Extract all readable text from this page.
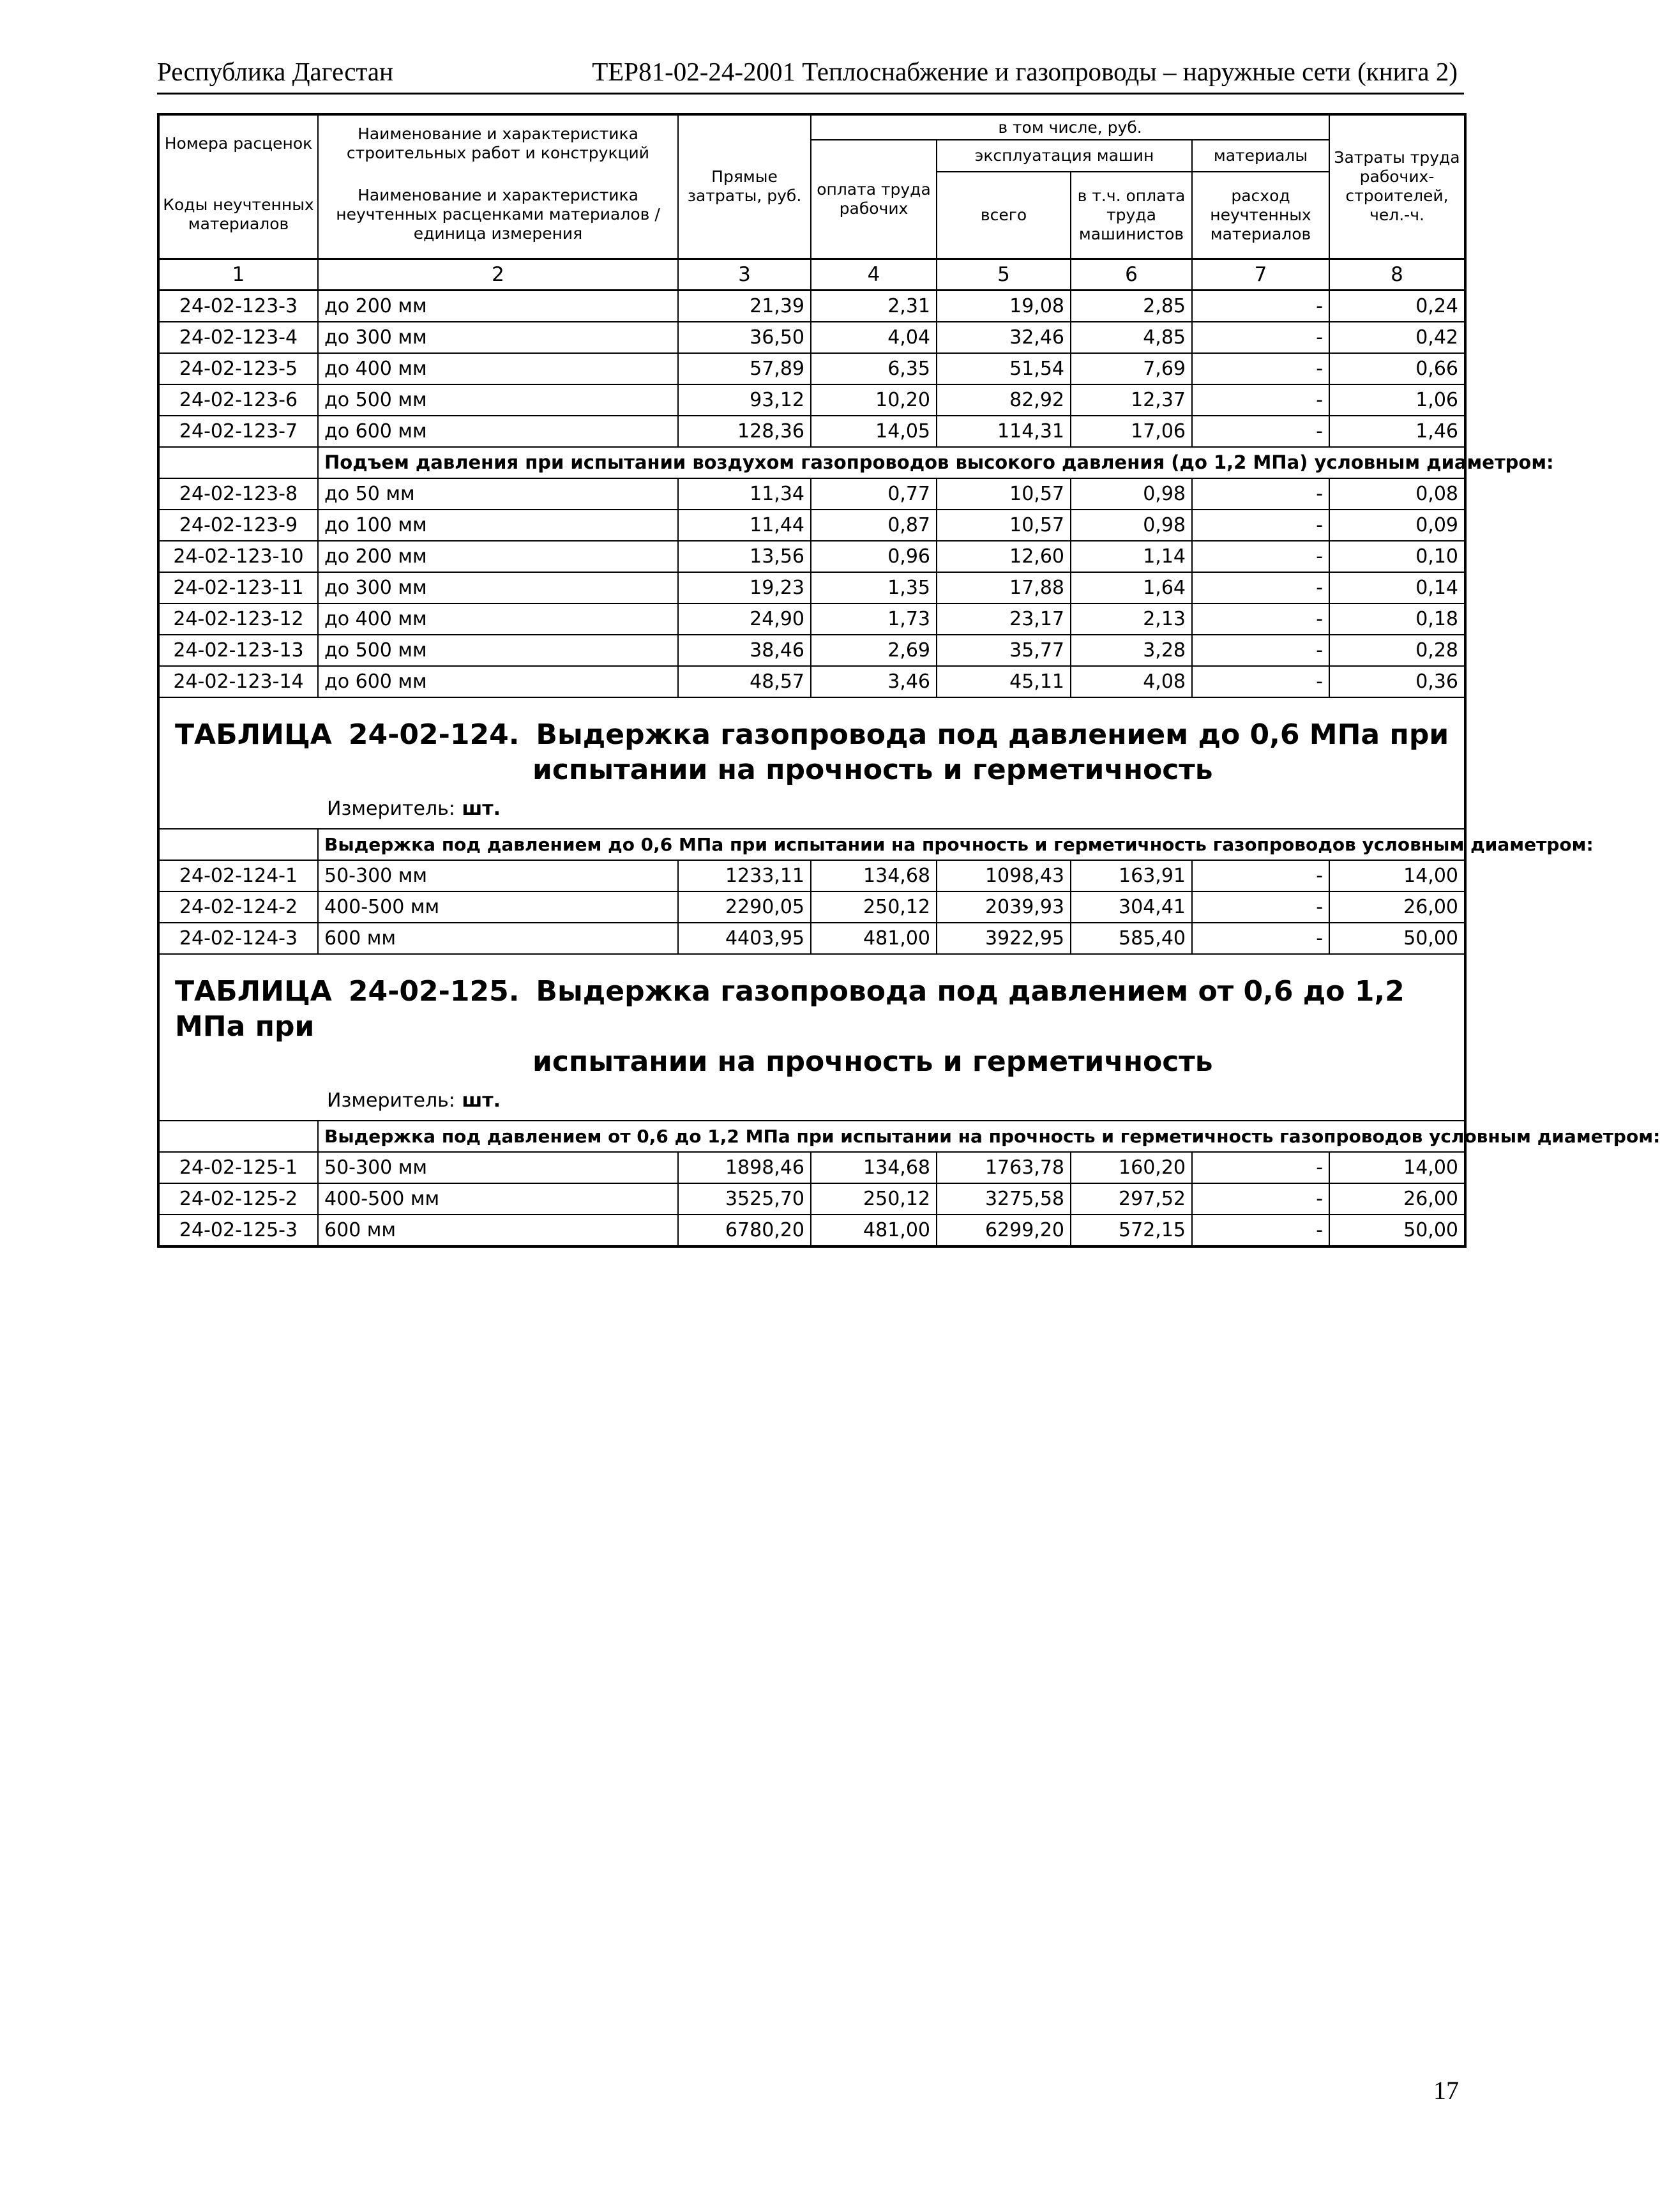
Республика Дагестан	ТЕР81-02-24-2001 Теплоснабжение и газопроводы – наружные сети (книга 2)
Номера расценок	Наименование и характеристика строительных работ и конструкций	Прямые затраты, руб.	в том числе, руб.				Затраты труда рабочих-строителей, чел.-ч.
			оплата труда рабочих	эксплуатация машин		материалы	
Коды неучтенных материалов	Наименование и характеристика неучтенных расценками материалов / единица измерения			всего	в т.ч. оплата труда машинистов	расход неучтенных материалов	

1	2	3	4	5	6	7	8
24-02-123-3	до 200 мм	21,39	2,31	19,08	2,85	-	0,24
24-02-123-4	до 300 мм	36,50	4,04	32,46	4,85	-	0,42
24-02-123-5	до 400 мм	57,89	6,35	51,54	7,69	-	0,66
24-02-123-6	до 500 мм	93,12	10,20	82,92	12,37	-	1,06
24-02-123-7	до 600 мм	128,36	14,05	114,31	17,06	-	1,46
	Подъем давления при испытании воздухом газопроводов высокого давления (до 1,2 МПа) условным диаметром:						
24-02-123-8	до 50 мм	11,34	0,77	10,57	0,98	-	0,08
24-02-123-9	до 100 мм	11,44	0,87	10,57	0,98	-	0,09
24-02-123-10	до 200 мм	13,56	0,96	12,60	1,14	-	0,10
24-02-123-11	до 300 мм	19,23	1,35	17,88	1,64	-	0,14
24-02-123-12	до 400 мм	24,90	1,73	23,17	2,13	-	0,18
24-02-123-13	до 500 мм	38,46	2,69	35,77	3,28	-	0,28
24-02-123-14	до 600 мм	48,57	3,46	45,11	4,08	-	0,36

ТАБЛИЦА 24-02-124. Выдержка газопровода под давлением до 0,6 МПа при
испытании на прочность и герметичность
Измеритель: шт.							

	Выдержка под давлением до 0,6 МПа при испытании на прочность и герметичность газопроводов условным диаметром:						
24-02-124-1	50-300 мм	1233,11	134,68	1098,43	163,91	-	14,00
24-02-124-2	400-500 мм	2290,05	250,12	2039,93	304,41	-	26,00
24-02-124-3	600 мм	4403,95	481,00	3922,95	585,40	-	50,00

ТАБЛИЦА 24-02-125. Выдержка газопровода под давлением от 0,6 до 1,2 МПа при
испытании на прочность и герметичность
Измеритель: шт.							

	Выдержка под давлением от 0,6 до 1,2 МПа при испытании на прочность и герметичность газопроводов условным диаметром:						
24-02-125-1	50-300 мм	1898,46	134,68	1763,78	160,20	-	14,00
24-02-125-2	400-500 мм	3525,70	250,12	3275,58	297,52	-	26,00
24-02-125-3	600 мм	6780,20	481,00	6299,20	572,15	-	50,00
17
